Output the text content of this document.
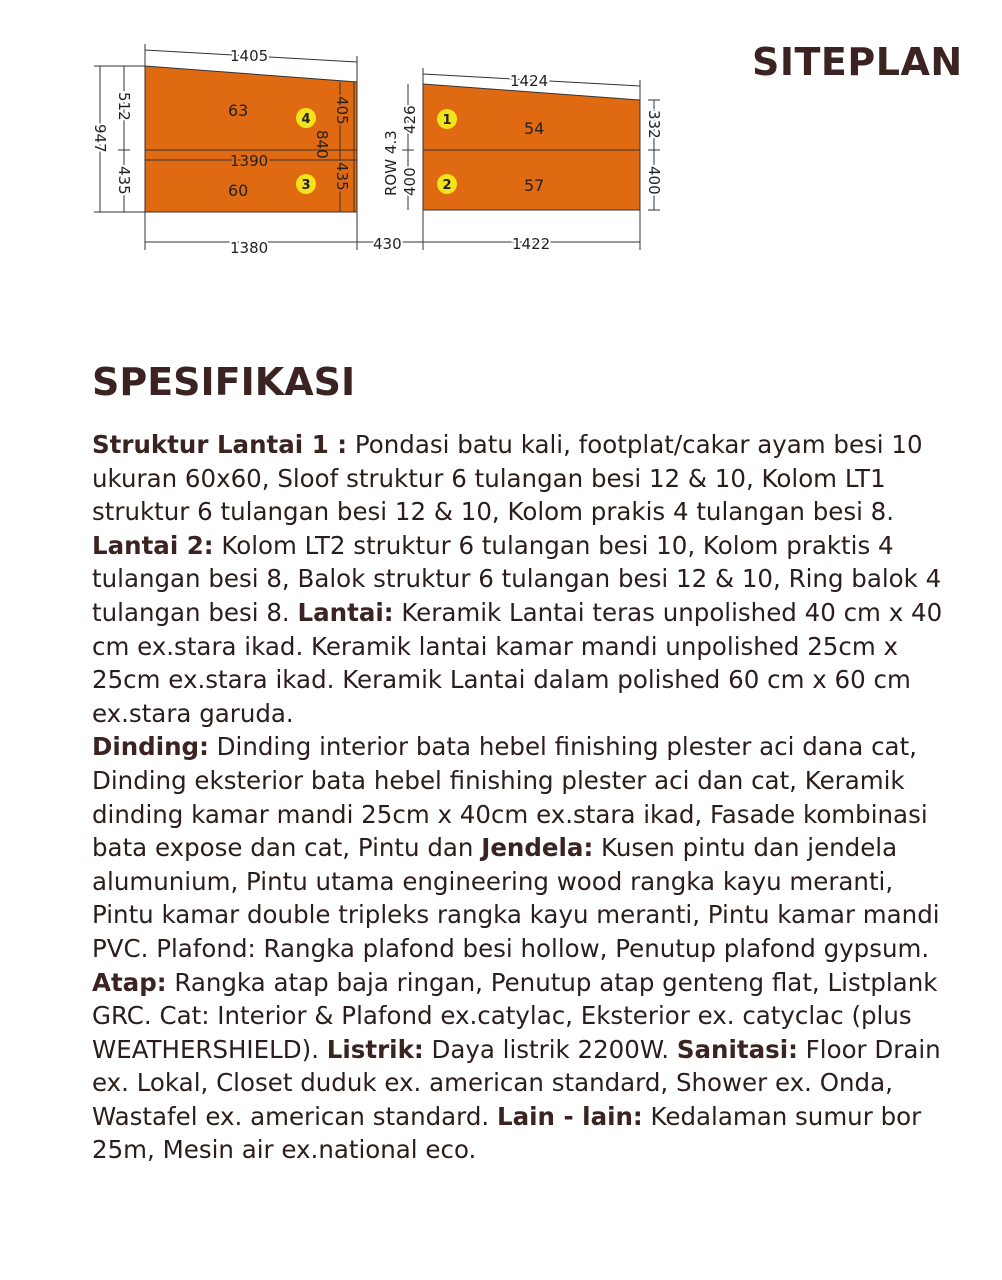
SITEPLAN
1405
1424
1390
1380	430	1422
947
512
435
405
840
435 ROW 4.3
426
400
332
400
63
60
54
57
4
3
1
2
SPESIFIKASI
Struktur Lantai 1 : Pondasi batu kali, footplat/cakar ayam besi 10 ukuran 60x60, Sloof struktur 6 tulangan besi 12 & 10, Kolom LT1 struktur 6 tulangan besi 12 & 10, Kolom prakis 4 tulangan besi 8.
Lantai 2: Kolom LT2 struktur 6 tulangan besi 10, Kolom praktis 4 tulangan besi 8, Balok struktur 6 tulangan besi 12 & 10, Ring balok 4 tulangan besi 8. Lantai: Keramik Lantai teras unpolished 40 cm x 40 cm ex.stara ikad. Keramik lantai kamar mandi unpolished 25cm x 25cm ex.stara ikad. Keramik Lantai dalam polished 60 cm x 60 cm ex.stara garuda.
Dinding: Dinding interior bata hebel finishing plester aci dana cat, Dinding eksterior bata hebel finishing plester aci dan cat, Keramik dinding kamar mandi 25cm x 40cm ex.stara ikad, Fasade kombinasi bata expose dan cat, Pintu dan Jendela: Kusen pintu dan jendela alumunium, Pintu utama engineering wood rangka kayu meranti, Pintu kamar double tripleks rangka kayu meranti, Pintu kamar mandi PVC. Plafond: Rangka plafond besi hollow, Penutup plafond gypsum. Atap: Rangka atap baja ringan, Penutup atap genteng flat, Listplank GRC. Cat: Interior & Plafond ex.catylac, Eksterior ex. catyclac (plus WEATHERSHIELD). Listrik: Daya listrik 2200W. Sanitasi: Floor Drain ex. Lokal, Closet duduk ex. american standard, Shower ex. Onda, Wastafel ex. american standard. Lain - lain: Kedalaman sumur bor 25m, Mesin air ex.national eco.
